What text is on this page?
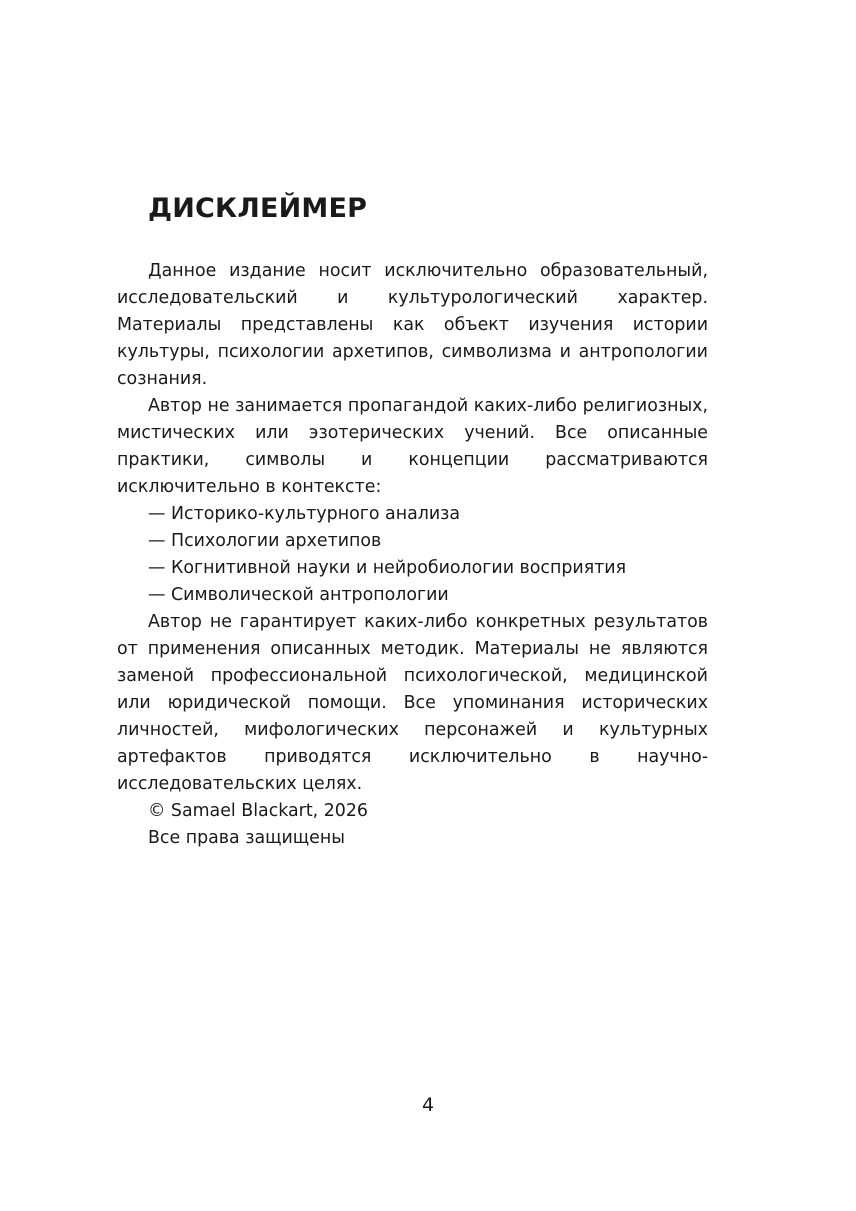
ДИСКЛЕЙМЕР

Данное издание носит исключительно образовательный, исследовательский и культурологический характер. Материалы представлены как объект изучения истории культуры, психологии архетипов, символизма и антропологии сознания.

Автор не занимается пропагандой каких-либо религиозных, мистических или эзотерических учений. Все описанные практики, символы и концепции рассматриваются исключительно в контексте:

— Историко-культурного анализа
— Психологии архетипов
— Когнитивной науки и нейробиологии восприятия
— Символической антропологии

Автор не гарантирует каких-либо конкретных результатов от применения описанных методик. Материалы не являются заменой профессиональной психологической, медицинской или юридической помощи. Все упоминания исторических личностей, мифологических персонажей и культурных артефактов приводятся исключительно в научно-исследовательских целях.

© Samael Blackart, 2026
Все права защищены
4
